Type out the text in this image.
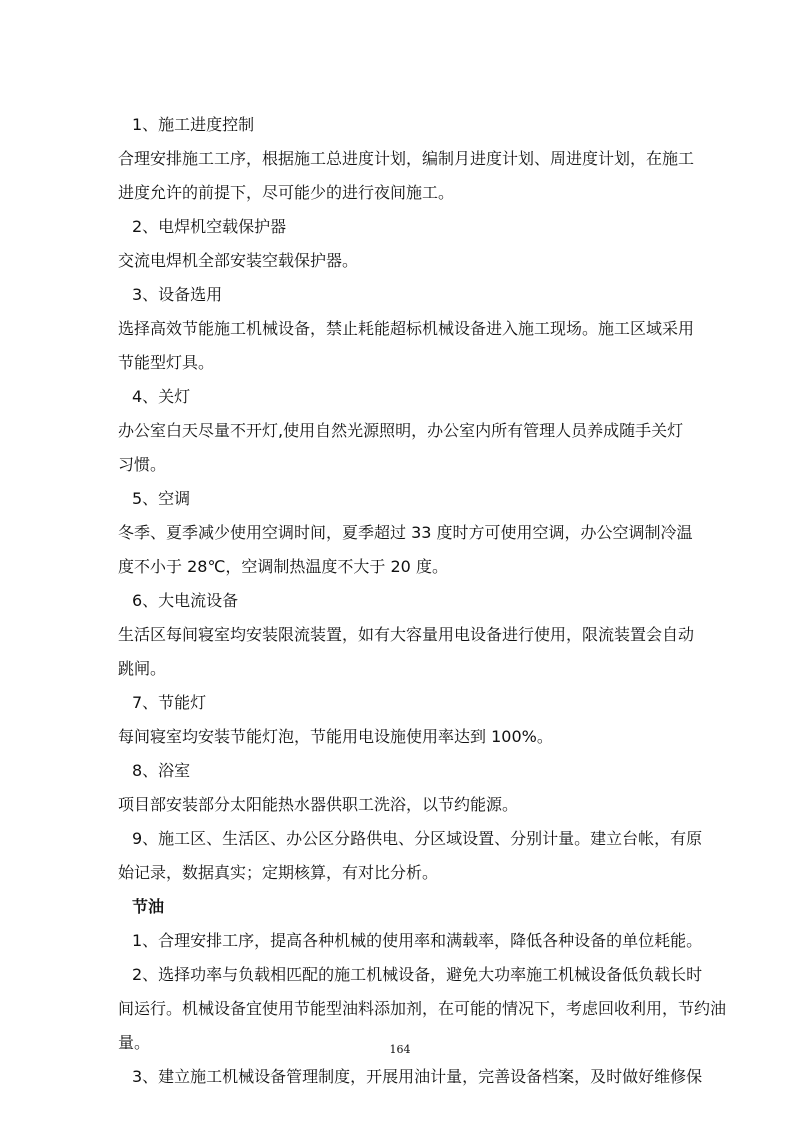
1、施工进度控制
合理安排施工工序，根据施工总进度计划，编制月进度计划、周进度计划，在施工
进度允许的前提下，尽可能少的进行夜间施工。
2、电焊机空载保护器
交流电焊机全部安装空载保护器。
3、设备选用
选择高效节能施工机械设备，禁止耗能超标机械设备进入施工现场。施工区域采用
节能型灯具。
4、关灯
办公室白天尽量不开灯,使用自然光源照明，办公室内所有管理人员养成随手关灯
习惯。
5、空调
冬季、夏季减少使用空调时间，夏季超过 33 度时方可使用空调，办公空调制冷温
度不小于 28℃，空调制热温度不大于 20 度。
6、大电流设备
生活区每间寝室均安装限流装置，如有大容量用电设备进行使用，限流装置会自动
跳闸。
7、节能灯
每间寝室均安装节能灯泡，节能用电设施使用率达到 100%。
8、浴室
项目部安装部分太阳能热水器供职工洗浴，以节约能源。
9、施工区、生活区、办公区分路供电、分区域设置、分别计量。建立台帐，有原
始记录，数据真实；定期核算，有对比分析。
节油
1、合理安排工序，提高各种机械的使用率和满载率，降低各种设备的单位耗能。
2、选择功率与负载相匹配的施工机械设备，避免大功率施工机械设备低负载长时
间运行。机械设备宜使用节能型油料添加剂，在可能的情况下，考虑回收利用，节约油
量。
3、建立施工机械设备管理制度，开展用油计量，完善设备档案，及时做好维修保
164
